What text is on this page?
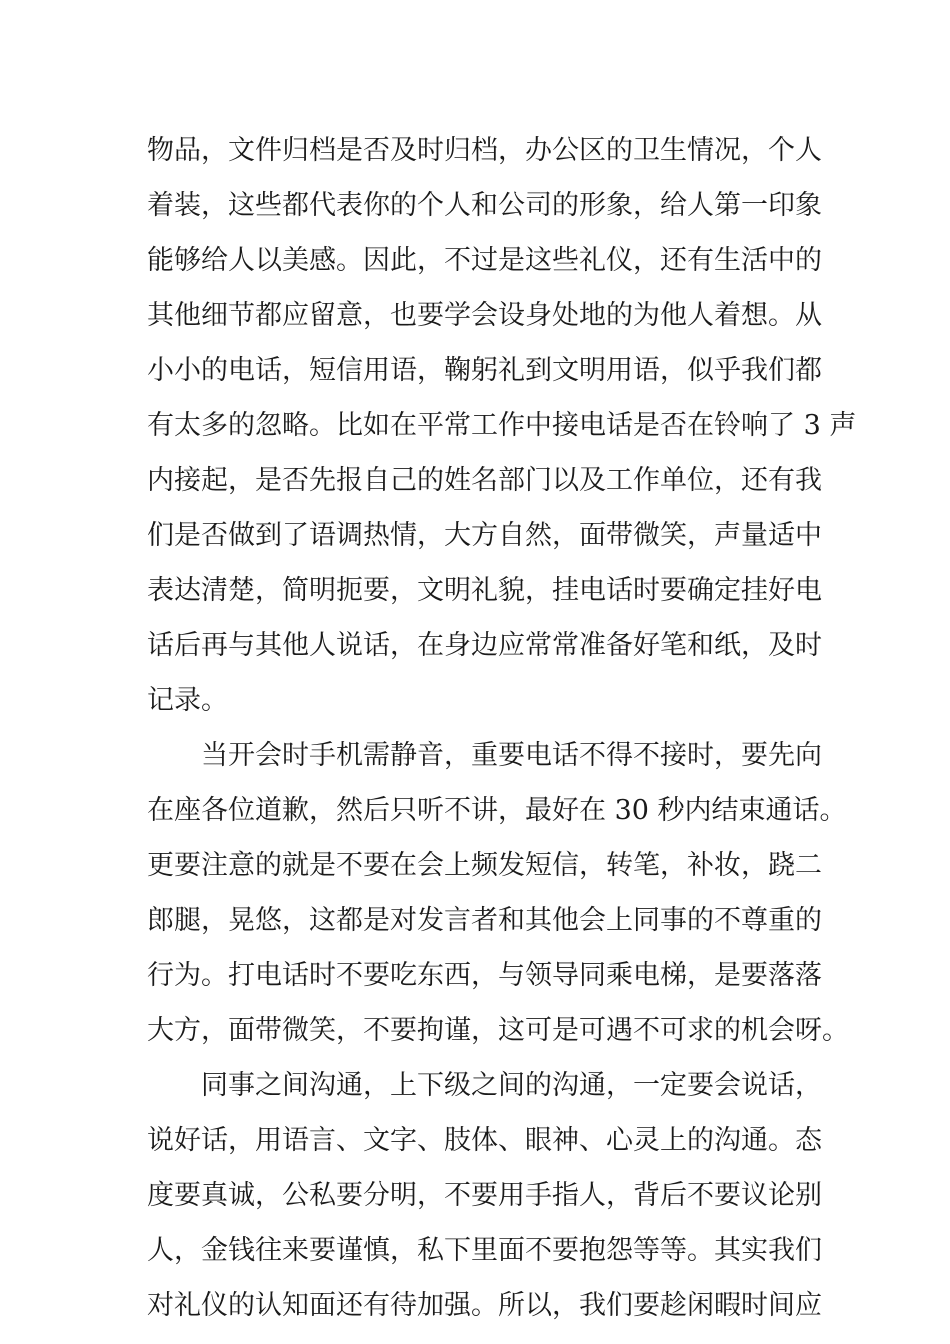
物品，文件归档是否及时归档，办公区的卫生情况，个人
着装，这些都代表你的个人和公司的形象，给人第一印象
能够给人以美感。因此，不过是这些礼仪，还有生活中的
其他细节都应留意，也要学会设身处地的为他人着想。从
小小的电话，短信用语，鞠躬礼到文明用语，似乎我们都
有太多的忽略。比如在平常工作中接电话是否在铃响了 3 声
内接起，是否先报自己的姓名部门以及工作单位，还有我
们是否做到了语调热情，大方自然，面带微笑，声量适中
表达清楚，简明扼要，文明礼貌，挂电话时要确定挂好电
话后再与其他人说话，在身边应常常准备好笔和纸，及时
记录。
当开会时手机需静音，重要电话不得不接时，要先向
在座各位道歉，然后只听不讲，最好在 30 秒内结束通话。
更要注意的就是不要在会上频发短信，转笔，补妆，跷二
郎腿，晃悠，这都是对发言者和其他会上同事的不尊重的
行为。打电话时不要吃东西，与领导同乘电梯，是要落落
大方，面带微笑，不要拘谨，这可是可遇不可求的机会呀。
同事之间沟通，上下级之间的沟通，一定要会说话，
说好话，用语言、文字、肢体、眼神、心灵上的沟通。态
度要真诚，公私要分明，不要用手指人，背后不要议论别
人，金钱往来要谨慎，私下里面不要抱怨等等。其实我们
对礼仪的认知面还有待加强。所以，我们要趁闲暇时间应
